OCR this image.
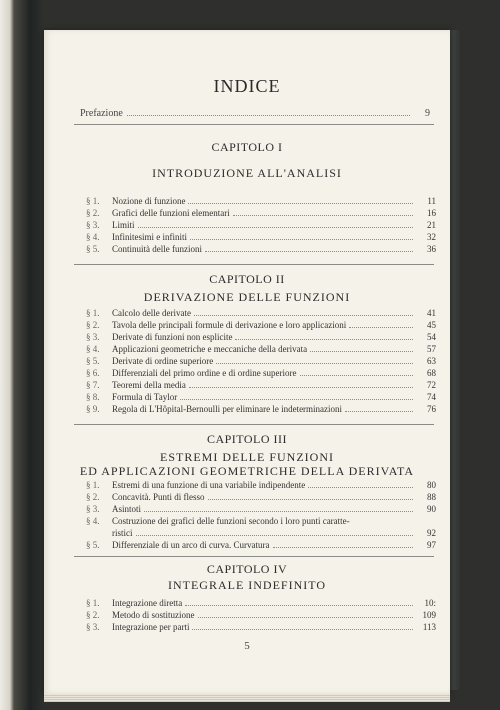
INDICE
Prefazione	9
CAPITOLO I
INTRODUZIONE ALL'ANALISI
§ 1.	Nozione di funzione	11
§ 2.	Grafici delle funzioni elementari	16
§ 3.	Limiti	21
§ 4.	Infinitesimi e infiniti	32
§ 5.	Continuità delle funzioni	36
CAPITOLO II
DERIVAZIONE DELLE FUNZIONI
§ 1.	Calcolo delle derivate	41
§ 2.	Tavola delle principali formule di derivazione e loro applicazioni	45
§ 3.	Derivate di funzioni non esplicite	54
§ 4.	Applicazioni geometriche e meccaniche della derivata	57
§ 5.	Derivate di ordine superiore	63
§ 6.	Differenziali del primo ordine e di ordine superiore	68
§ 7.	Teoremi della media	72
§ 8.	Formula di Taylor	74
§ 9.	Regola di L'Hôpital-Bernoulli per eliminare le indeterminazioni	76
CAPITOLO III
ESTREMI DELLE FUNZIONI
ED APPLICAZIONI GEOMETRICHE DELLA DERIVATA
§ 1.	Estremi di una funzione di una variabile indipendente	80
§ 2.	Concavità. Punti di flesso	88
§ 3.	Asintoti	90
§ 4.	Costruzione dei grafici delle funzioni secondo i loro punti caratte-
ristici	92
§ 5.	Differenziale di un arco di curva. Curvatura	97
CAPITOLO IV
INTEGRALE INDEFINITO
§ 1.	Integrazione diretta	10:
§ 2.	Metodo di sostituzione	109
§ 3.	Integrazione per parti	113
5
